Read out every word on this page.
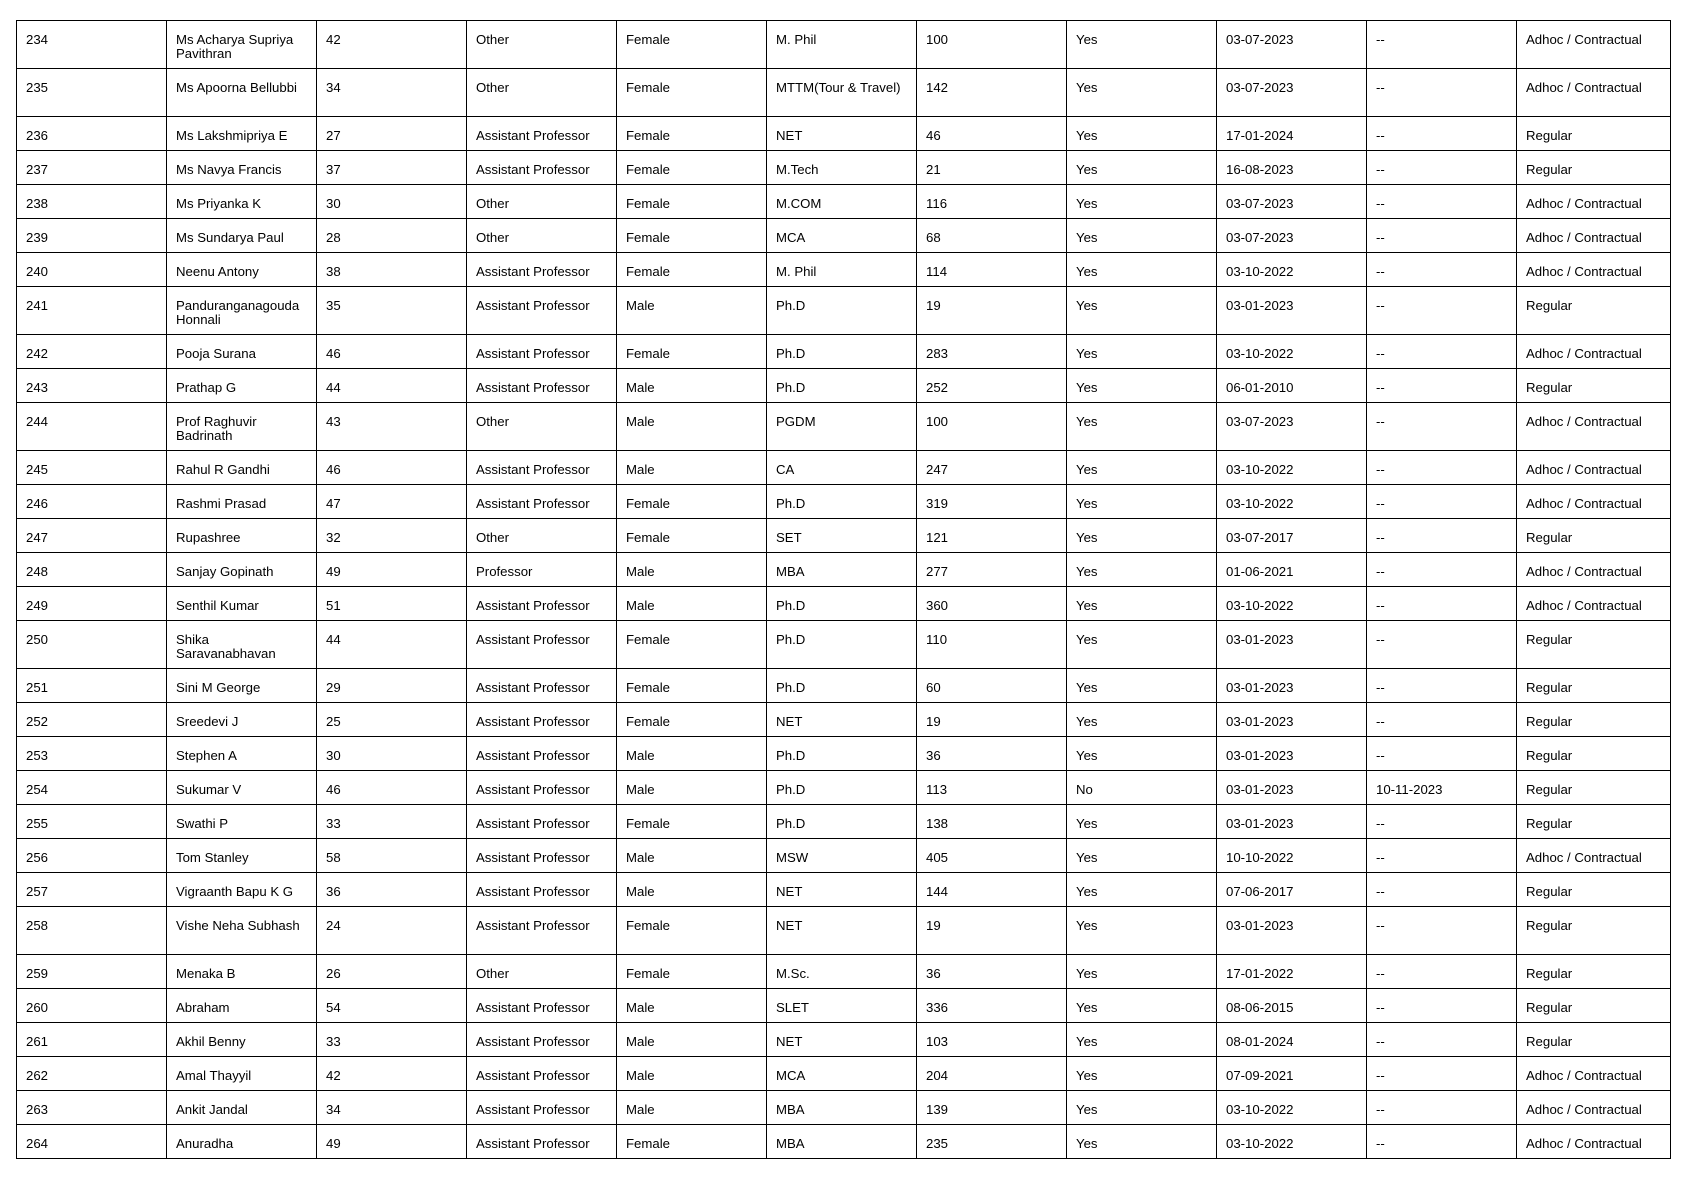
234	Ms Acharya Supriya Pavithran	42	Other	Female	M. Phil	100	Yes	03-07-2023	--	Adhoc / Contractual
235	Ms Apoorna Bellubbi	34	Other	Female	MTTM(Tour & Travel)	142	Yes	03-07-2023	--	Adhoc / Contractual
236	Ms Lakshmipriya E	27	Assistant Professor	Female	NET	46	Yes	17-01-2024	--	Regular
237	Ms Navya Francis	37	Assistant Professor	Female	M.Tech	21	Yes	16-08-2023	--	Regular
238	Ms Priyanka K	30	Other	Female	M.COM	116	Yes	03-07-2023	--	Adhoc / Contractual
239	Ms Sundarya Paul	28	Other	Female	MCA	68	Yes	03-07-2023	--	Adhoc / Contractual
240	Neenu Antony	38	Assistant Professor	Female	M. Phil	114	Yes	03-10-2022	--	Adhoc / Contractual
241	Panduranganagouda Honnali	35	Assistant Professor	Male	Ph.D	19	Yes	03-01-2023	--	Regular
242	Pooja Surana	46	Assistant Professor	Female	Ph.D	283	Yes	03-10-2022	--	Adhoc / Contractual
243	Prathap G	44	Assistant Professor	Male	Ph.D	252	Yes	06-01-2010	--	Regular
244	Prof Raghuvir Badrinath	43	Other	Male	PGDM	100	Yes	03-07-2023	--	Adhoc / Contractual
245	Rahul R Gandhi	46	Assistant Professor	Male	CA	247	Yes	03-10-2022	--	Adhoc / Contractual
246	Rashmi Prasad	47	Assistant Professor	Female	Ph.D	319	Yes	03-10-2022	--	Adhoc / Contractual
247	Rupashree	32	Other	Female	SET	121	Yes	03-07-2017	--	Regular
248	Sanjay Gopinath	49	Professor	Male	MBA	277	Yes	01-06-2021	--	Adhoc / Contractual
249	Senthil Kumar	51	Assistant Professor	Male	Ph.D	360	Yes	03-10-2022	--	Adhoc / Contractual
250	Shika Saravanabhavan	44	Assistant Professor	Female	Ph.D	110	Yes	03-01-2023	--	Regular
251	Sini M George	29	Assistant Professor	Female	Ph.D	60	Yes	03-01-2023	--	Regular
252	Sreedevi J	25	Assistant Professor	Female	NET	19	Yes	03-01-2023	--	Regular
253	Stephen A	30	Assistant Professor	Male	Ph.D	36	Yes	03-01-2023	--	Regular
254	Sukumar V	46	Assistant Professor	Male	Ph.D	113	No	03-01-2023	10-11-2023	Regular
255	Swathi P	33	Assistant Professor	Female	Ph.D	138	Yes	03-01-2023	--	Regular
256	Tom Stanley	58	Assistant Professor	Male	MSW	405	Yes	10-10-2022	--	Adhoc / Contractual
257	Vigraanth Bapu K G	36	Assistant Professor	Male	NET	144	Yes	07-06-2017	--	Regular
258	Vishe Neha Subhash	24	Assistant Professor	Female	NET	19	Yes	03-01-2023	--	Regular
259	Menaka B	26	Other	Female	M.Sc.	36	Yes	17-01-2022	--	Regular
260	Abraham	54	Assistant Professor	Male	SLET	336	Yes	08-06-2015	--	Regular
261	Akhil Benny	33	Assistant Professor	Male	NET	103	Yes	08-01-2024	--	Regular
262	Amal Thayyil	42	Assistant Professor	Male	MCA	204	Yes	07-09-2021	--	Adhoc / Contractual
263	Ankit Jandal	34	Assistant Professor	Male	MBA	139	Yes	03-10-2022	--	Adhoc / Contractual
264	Anuradha	49	Assistant Professor	Female	MBA	235	Yes	03-10-2022	--	Adhoc / Contractual
